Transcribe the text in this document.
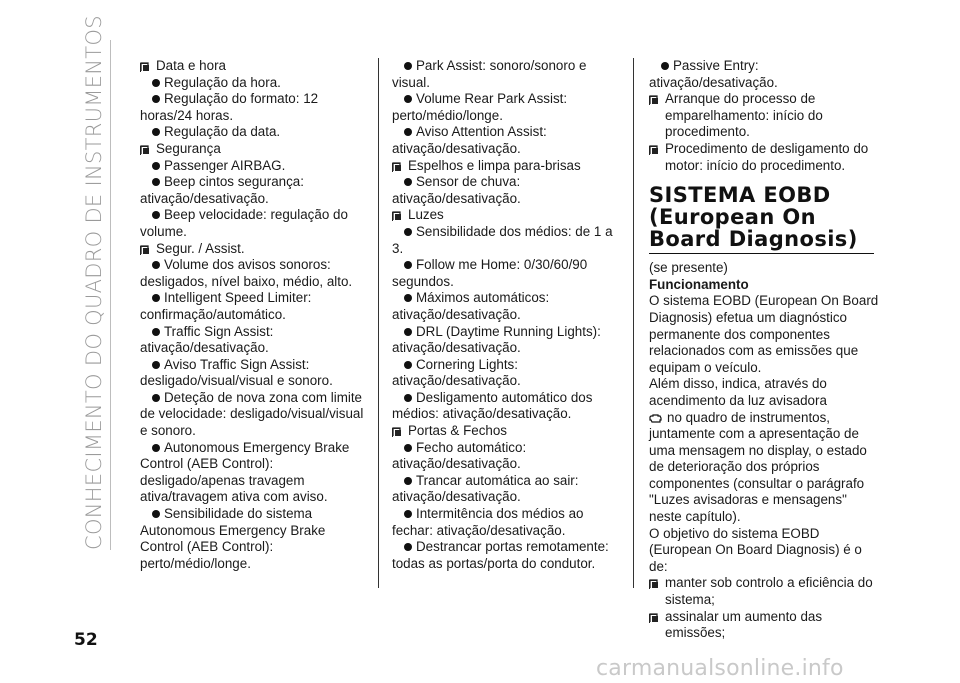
CONHECIMENTO DO QUADRO DE INSTRUMENTOS
52
Data e hora
Regulação da hora.
Regulação do formato: 12 horas/24 horas.
Regulação da data.
Segurança
Passenger AIRBAG.
Beep cintos segurança: ativação/desativação.
Beep velocidade: regulação do volume.
Segur. / Assist.
Volume dos avisos sonoros: desligados, nível baixo, médio, alto.
Intelligent Speed Limiter: confirmação/automático.
Traffic Sign Assist: ativação/desativação.
Aviso Traffic Sign Assist: desligado/visual/visual e sonoro.
Deteção de nova zona com limite de velocidade: desligado/visual/visual e sonoro.
Autonomous Emergency Brake Control (AEB Control): desligado/apenas travagem ativa/travagem ativa com aviso.
Sensibilidade do sistema Autonomous Emergency Brake Control (AEB Control): perto/médio/longe.
Park Assist: sonoro/sonoro e visual.
Volume Rear Park Assist: perto/médio/longe.
Aviso Attention Assist: ativação/desativação.
Espelhos e limpa para-brisas
Sensor de chuva: ativação/desativação.
Luzes
Sensibilidade dos médios: de 1 a 3.
Follow me Home: 0/30/60/90 segundos.
Máximos automáticos: ativação/desativação.
DRL (Daytime Running Lights): ativação/desativação.
Cornering Lights: ativação/desativação.
Desligamento automático dos médios: ativação/desativação.
Portas & Fechos
Fecho automático: ativação/desativação.
Trancar automática ao sair: ativação/desativação.
Intermitência dos médios ao fechar: ativação/desativação.
Destrancar portas remotamente: todas as portas/porta do condutor.
Passive Entry: ativação/desativação.
Arranque do processo de emparelhamento: início do procedimento.
Procedimento de desligamento do motor: início do procedimento.
SISTEMA EOBD
(European On
Board Diagnosis)
(se presente)
Funcionamento
O sistema EOBD (European On Board Diagnosis) efetua um diagnóstico permanente dos componentes relacionados com as emissões que equipam o veículo.
Além disso, indica, através do acendimento da luz avisadora
no quadro de instrumentos, juntamente com a apresentação de uma mensagem no display, o estado de deterioração dos próprios componentes (consultar o parágrafo "Luzes avisadoras e mensagens" neste capítulo).
O objetivo do sistema EOBD (European On Board Diagnosis) é o de:
manter sob controlo a eficiência do sistema;
assinalar um aumento das emissões;
carmanualsonline.info
